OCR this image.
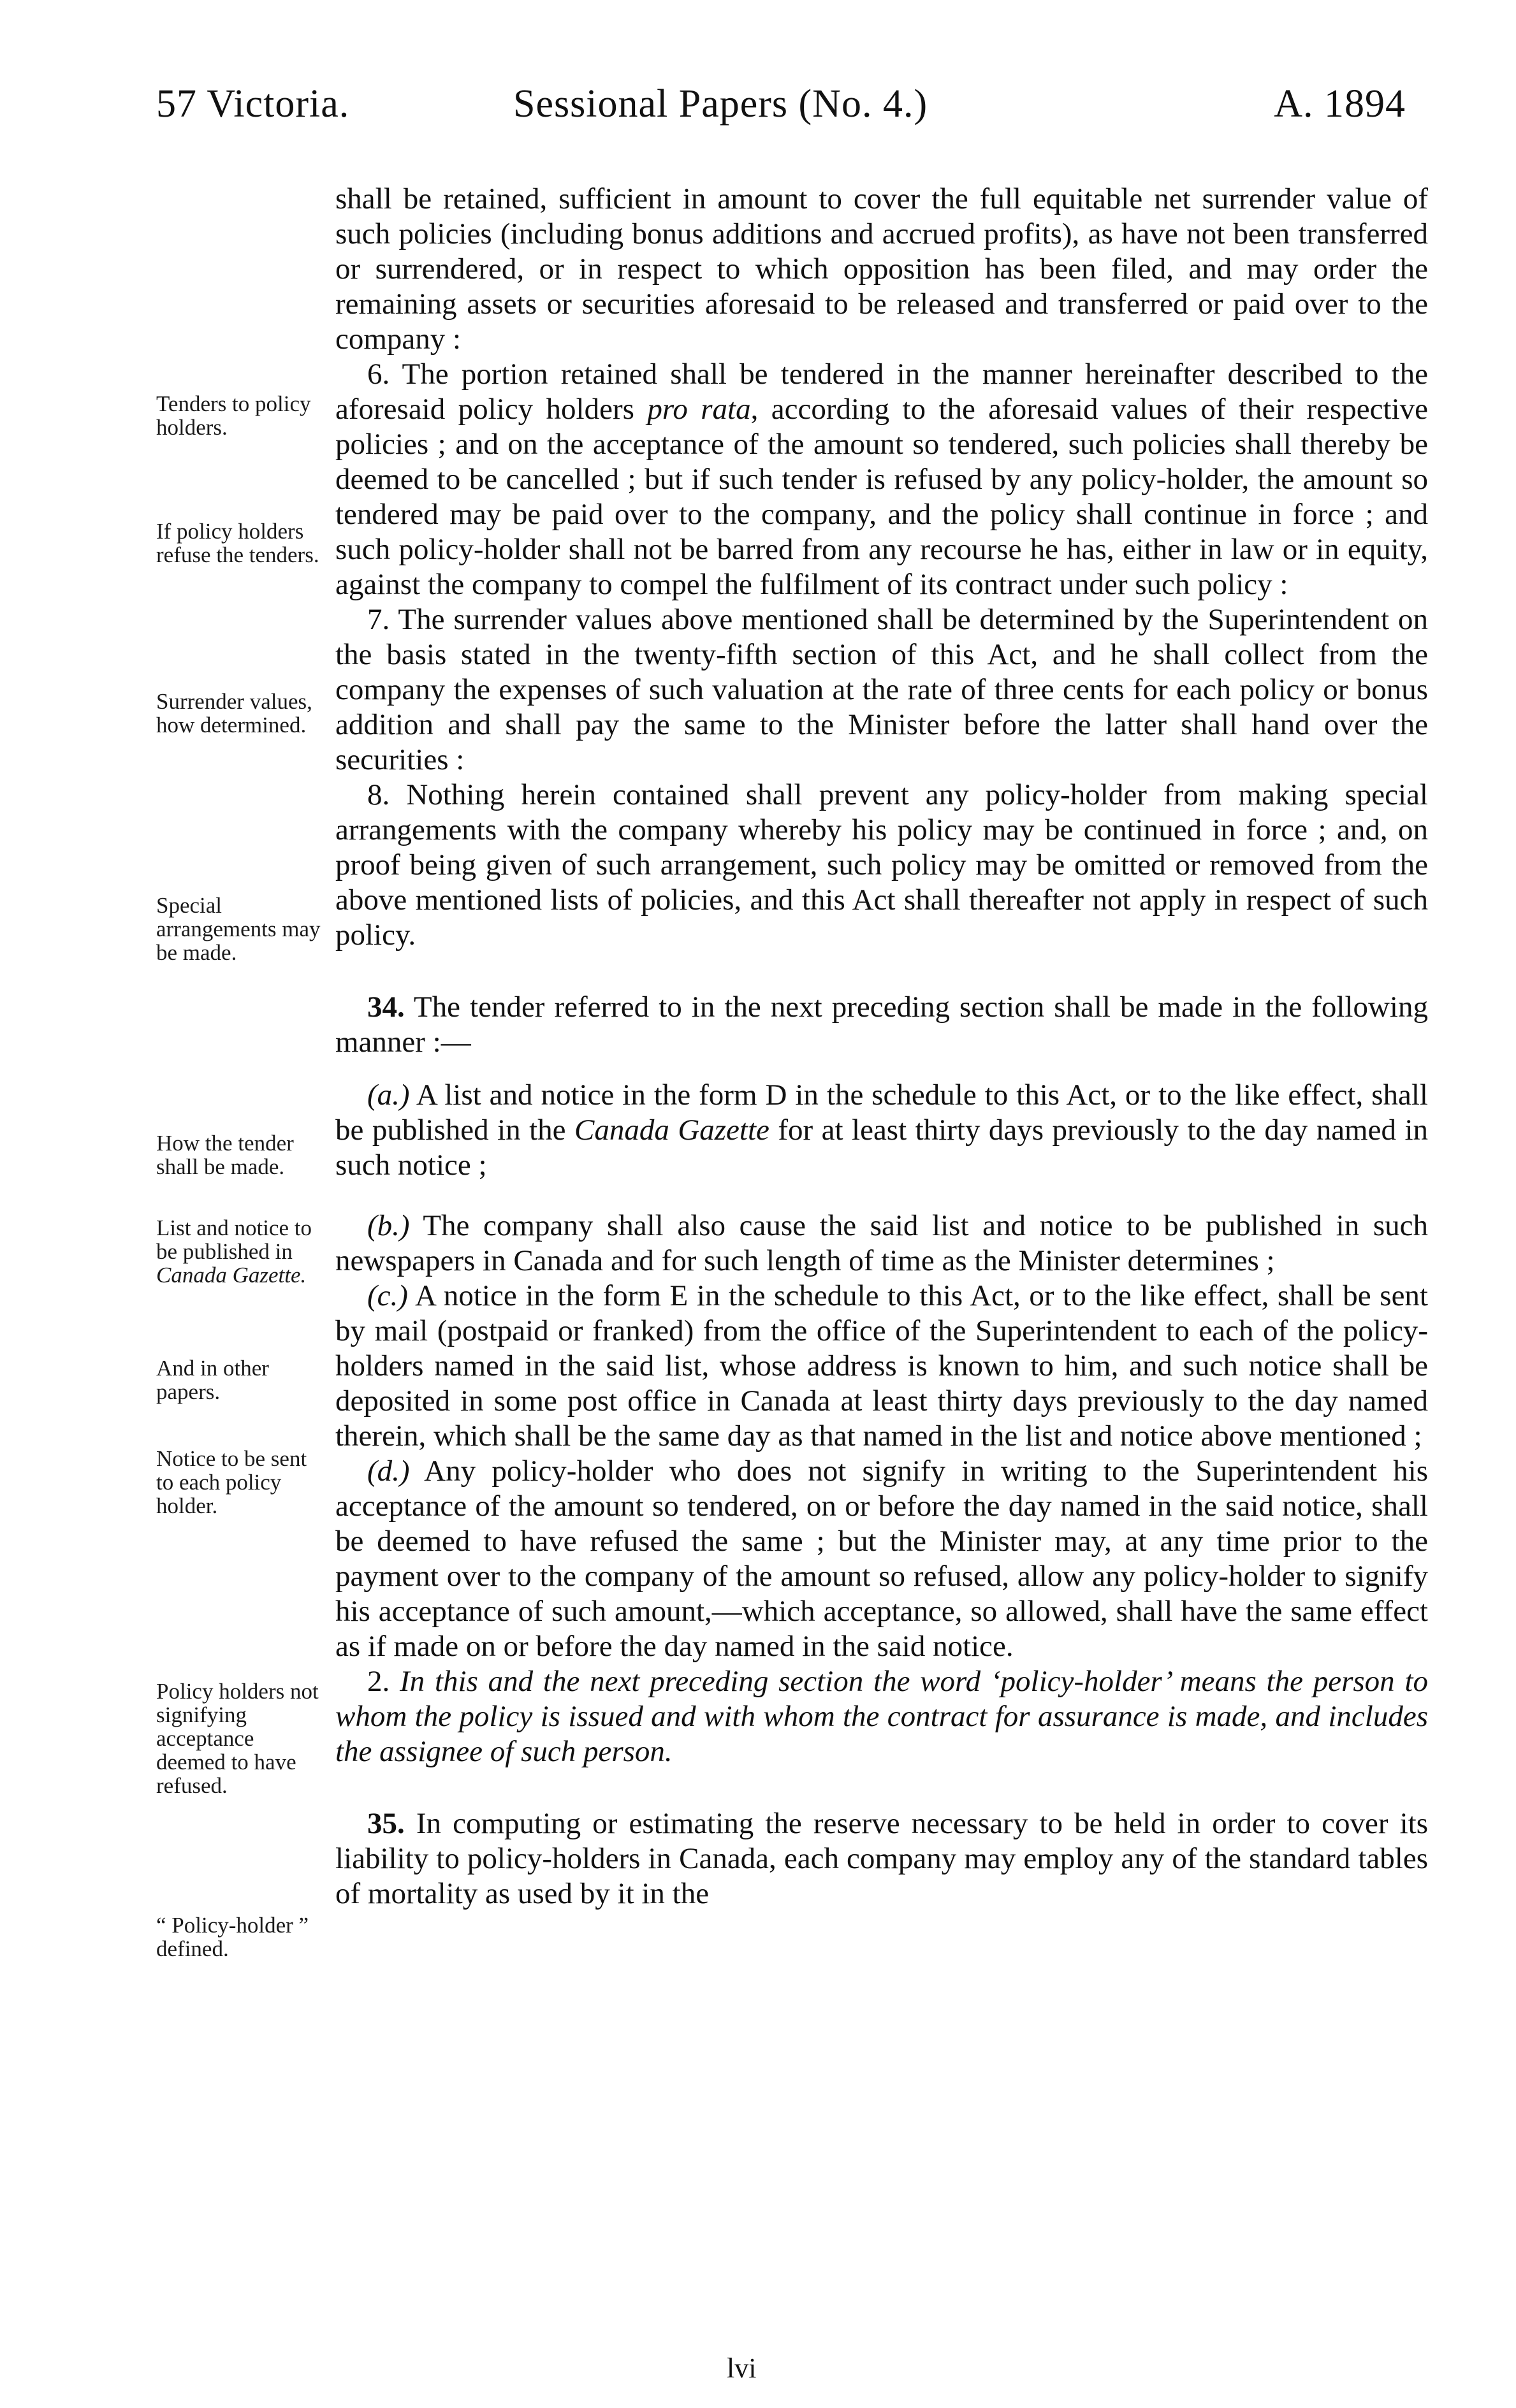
57 Victoria.	Sessional Papers (No. 4.)	A. 1894
Tenders to policy holders.
If policy holders refuse the tenders.
Surrender values, how determined.
Special arrangements may be made.
How the tender shall be made.
List and notice to be published in Canada Gazette.
And in other papers.
Notice to be sent to each policy holder.
Policy holders not signifying acceptance deemed to have refused.
“ Policy-holder ” defined.

shall be retained, sufficient in amount to cover the full equitable net surrender value of such policies (including bonus additions and accrued profits), as have not been transferred or surrendered, or in respect to which opposition has been filed, and may order the remaining assets or securities aforesaid to be released and transferred or paid over to the company :

6. The portion retained shall be tendered in the manner hereinafter described to the aforesaid policy holders pro rata, according to the aforesaid values of their respective policies ; and on the acceptance of the amount so tendered, such policies shall thereby be deemed to be cancelled ; but if such tender is refused by any policy-holder, the amount so tendered may be paid over to the company, and the policy shall continue in force ; and such policy-holder shall not be barred from any recourse he has, either in law or in equity, against the company to compel the fulfilment of its contract under such policy :

7. The surrender values above mentioned shall be determined by the Superintendent on the basis stated in the twenty-fifth section of this Act, and he shall collect from the company the expenses of such valuation at the rate of three cents for each policy or bonus addition and shall pay the same to the Minister before the latter shall hand over the securities :

8. Nothing herein contained shall prevent any policy-holder from making special arrangements with the company whereby his policy may be continued in force ; and, on proof being given of such arrangement, such policy may be omitted or removed from the above mentioned lists of policies, and this Act shall thereafter not apply in respect of such policy.

34. The tender referred to in the next preceding section shall be made in the following manner :—

(a.) A list and notice in the form D in the schedule to this Act, or to the like effect, shall be published in the Canada Gazette for at least thirty days previously to the day named in such notice ;

(b.) The company shall also cause the said list and notice to be published in such newspapers in Canada and for such length of time as the Minister determines ;

(c.) A notice in the form E in the schedule to this Act, or to the like effect, shall be sent by mail (postpaid or franked) from the office of the Superintendent to each of the policy-holders named in the said list, whose address is known to him, and such notice shall be deposited in some post office in Canada at least thirty days previously to the day named therein, which shall be the same day as that named in the list and notice above mentioned ;

(d.) Any policy-holder who does not signify in writing to the Superintendent his acceptance of the amount so tendered, on or before the day named in the said notice, shall be deemed to have refused the same ; but the Minister may, at any time prior to the payment over to the company of the amount so refused, allow any policy-holder to signify his acceptance of such amount,—which acceptance, so allowed, shall have the same effect as if made on or before the day named in the said notice.

2. In this and the next preceding section the word ‘policy-holder’ means the person to whom the policy is issued and with whom the contract for assurance is made, and includes the assignee of such person.

35. In computing or estimating the reserve necessary to be held in order to cover its liability to policy-holders in Canada, each company may employ any of the standard tables of mortality as used by it in the

lvi
